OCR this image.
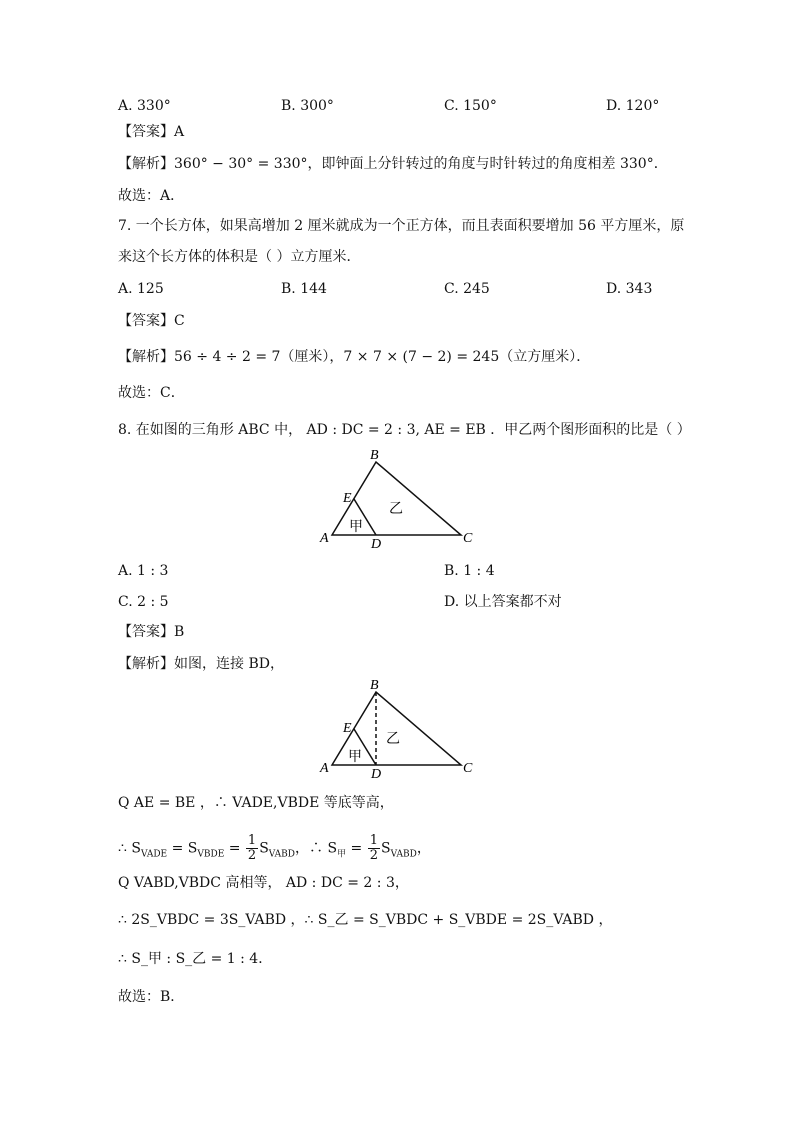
A. 330°	B. 300°	C. 150°	D. 120°
【答案】A
【解析】360° − 30° = 330°，即钟面上分针转过的角度与时针转过的角度相差 330°．
故选：A．
7. 一个长方体，如果高增加 2 厘米就成为一个正方体，而且表面积要增加 56 平方厘米，原
来这个长方体的体积是（ ）立方厘米．
A. 125	B. 144	C. 245	D. 343
【答案】C
【解析】56 ÷ 4 ÷ 2 = 7（厘米），7 × 7 × (7 − 2) = 245（立方厘米）．
故选：C．
8. 在如图的三角形 ABC 中， AD : DC = 2 : 3, AE = EB ．甲乙两个图形面积的比是（ ）
B
E
A	D	C
甲
乙
A. 1 : 3	B. 1 : 4
C. 2 : 5	D. 以上答案都不对
【答案】B
【解析】如图，连接 BD，
B
E
A	D	C
甲
乙
Q AE = BE ，∴ VADE,VBDE 等底等高，
∴ $S_{VADE} = S_{VBDE} = \frac{1}{2} S_{VABD}$，∴ $S_甲 = \frac{1}{2} S_{VABD}$，
Q VABD,VBDC 高相等， AD : DC = 2 : 3，
∴ 2S_VBDC = 3S_VABD ，∴ S_乙 = S_VBDC + S_VBDE = 2S_VABD ，
∴ S_甲 : S_乙 = 1 : 4．
故选：B．
